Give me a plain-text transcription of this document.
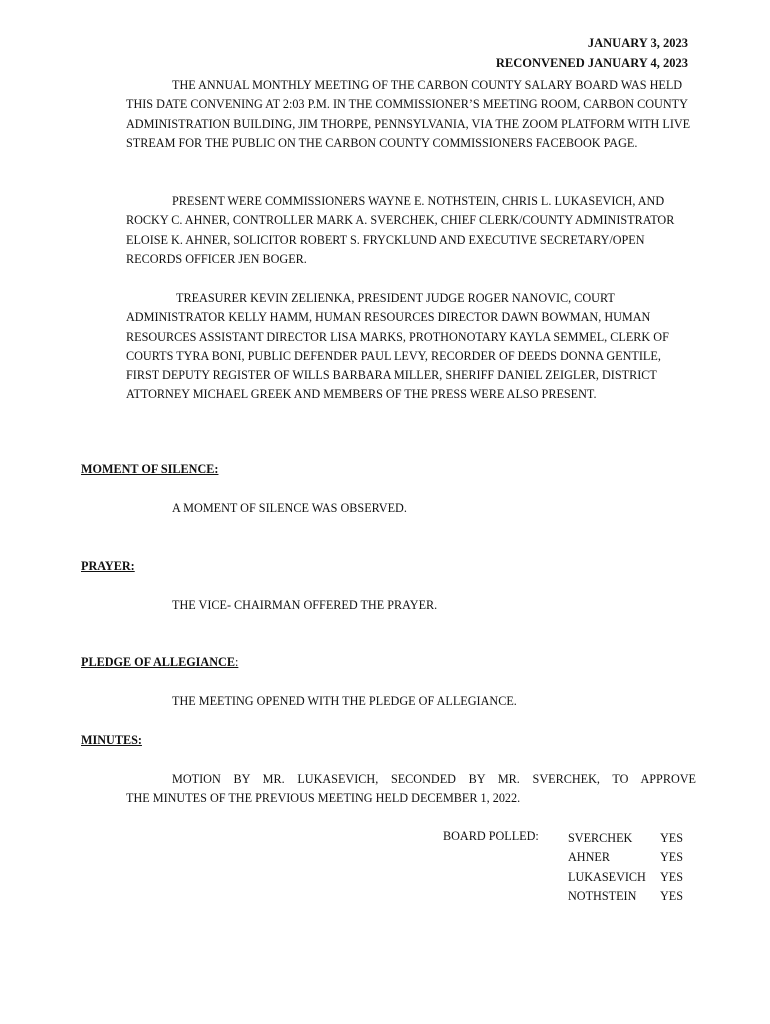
JANUARY 3, 2023
RECONVENED JANUARY 4, 2023

THE ANNUAL MONTHLY MEETING OF THE CARBON COUNTY SALARY BOARD WAS HELD THIS DATE CONVENING AT 2:03 P.M. IN THE COMMISSIONER’S MEETING ROOM, CARBON COUNTY ADMINISTRATION BUILDING, JIM THORPE, PENNSYLVANIA, VIA THE ZOOM PLATFORM WITH LIVE STREAM FOR THE PUBLIC ON THE CARBON COUNTY COMMISSIONERS FACEBOOK PAGE.

PRESENT WERE COMMISSIONERS WAYNE E. NOTHSTEIN, CHRIS L. LUKASEVICH, AND ROCKY C. AHNER, CONTROLLER MARK A. SVERCHEK, CHIEF CLERK/COUNTY ADMINISTRATOR ELOISE K. AHNER, SOLICITOR ROBERT S. FRYCKLUND AND EXECUTIVE SECRETARY/OPEN RECORDS OFFICER JEN BOGER.

TREASURER KEVIN ZELIENKA, PRESIDENT JUDGE ROGER NANOVIC, COURT ADMINISTRATOR KELLY HAMM, HUMAN RESOURCES DIRECTOR DAWN BOWMAN, HUMAN RESOURCES ASSISTANT DIRECTOR LISA MARKS, PROTHONOTARY KAYLA SEMMEL, CLERK OF COURTS TYRA BONI, PUBLIC DEFENDER PAUL LEVY, RECORDER OF DEEDS DONNA GENTILE, FIRST DEPUTY REGISTER OF WILLS BARBARA MILLER, SHERIFF DANIEL ZEIGLER, DISTRICT ATTORNEY MICHAEL GREEK AND MEMBERS OF THE PRESS WERE ALSO PRESENT.

MOMENT OF SILENCE:
A MOMENT OF SILENCE WAS OBSERVED.
PRAYER:
THE VICE- CHAIRMAN OFFERED THE PRAYER.
PLEDGE OF ALLEGIANCE:
THE MEETING OPENED WITH THE PLEDGE OF ALLEGIANCE.
MINUTES:
MOTION BY MR. LUKASEVICH, SECONDED BY MR. SVERCHEK, TO APPROVE
THE MINUTES OF THE PREVIOUS MEETING HELD DECEMBER 1, 2022.
BOARD POLLED: SVERCHEK YES
AHNER	YES
LUKASEVICH YES
NOTHSTEIN YES
